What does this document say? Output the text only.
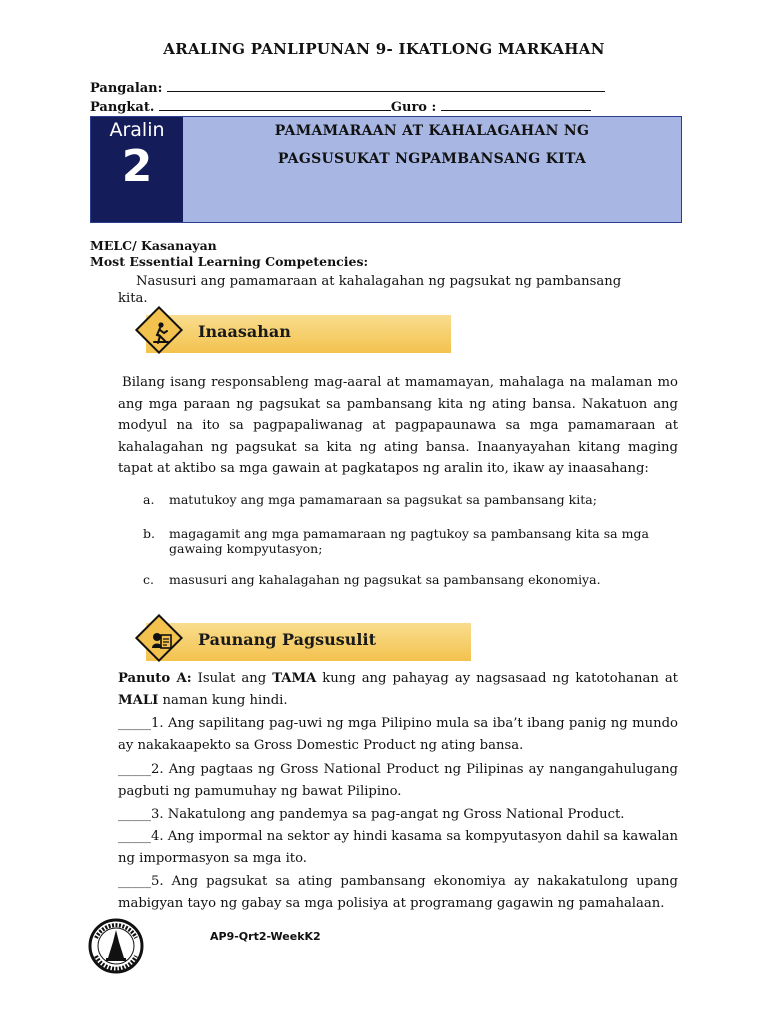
ARALING PANLIPUNAN 9- IKATLONG MARKAHAN
Pangalan:
Pangkat.	Guro :
Aralin
2
PAMAMARAAN AT KAHALAGAHAN NG
PAGSUSUKAT NGPAMBANSANG KITA
MELC/ Kasanayan
Most Essential Learning Competencies:
Nasusuri ang pamamaraan at kahalagahan ng pagsukat ng pambansang
kita.
Inaasahan
Bilang isang responsableng mag-aaral at mamamayan, mahalaga na malaman mo ang mga paraan ng pagsukat sa pambansang kita ng ating bansa. Nakatuon ang modyul na ito sa pagpapaliwanag at pagpapaunawa sa mga pamamaraan at kahalagahan ng pagsukat sa kita ng ating bansa. Inaanyayahan kitang maging tapat at aktibo sa mga gawain at pagkatapos ng aralin ito, ikaw ay inaasahang:
a. matutukoy ang mga pamamaraan sa pagsukat sa pambansang kita;
b. magagamit ang mga pamamaraan ng pagtukoy sa pambansang kita sa mga gawaing kompyutasyon;
c. masusuri ang kahalagahan ng pagsukat sa pambansang ekonomiya.
Paunang Pagsusulit
Panuto A: Isulat ang TAMA kung ang pahayag ay nagsasaad ng katotohanan at MALI naman kung hindi.
_____1. Ang sapilitang pag-uwi ng mga Pilipino mula sa iba’t ibang panig ng mundo ay nakakaapekto sa Gross Domestic Product ng ating bansa.
_____2. Ang pagtaas ng Gross National Product ng Pilipinas ay nangangahulugang pagbuti ng pamumuhay ng bawat Pilipino.
_____3. Nakatulong ang pandemya sa pag-angat ng Gross National Product.
_____4. Ang impormal na sektor ay hindi kasama sa kompyutasyon dahil sa kawalan ng impormasyon sa mga ito.
_____5. Ang pagsukat sa ating pambansang ekonomiya ay nakakatulong upang mabigyan tayo ng gabay sa mga polisiya at programang gagawin ng pamahalaan.
AP9-Qrt2-WeekK2
